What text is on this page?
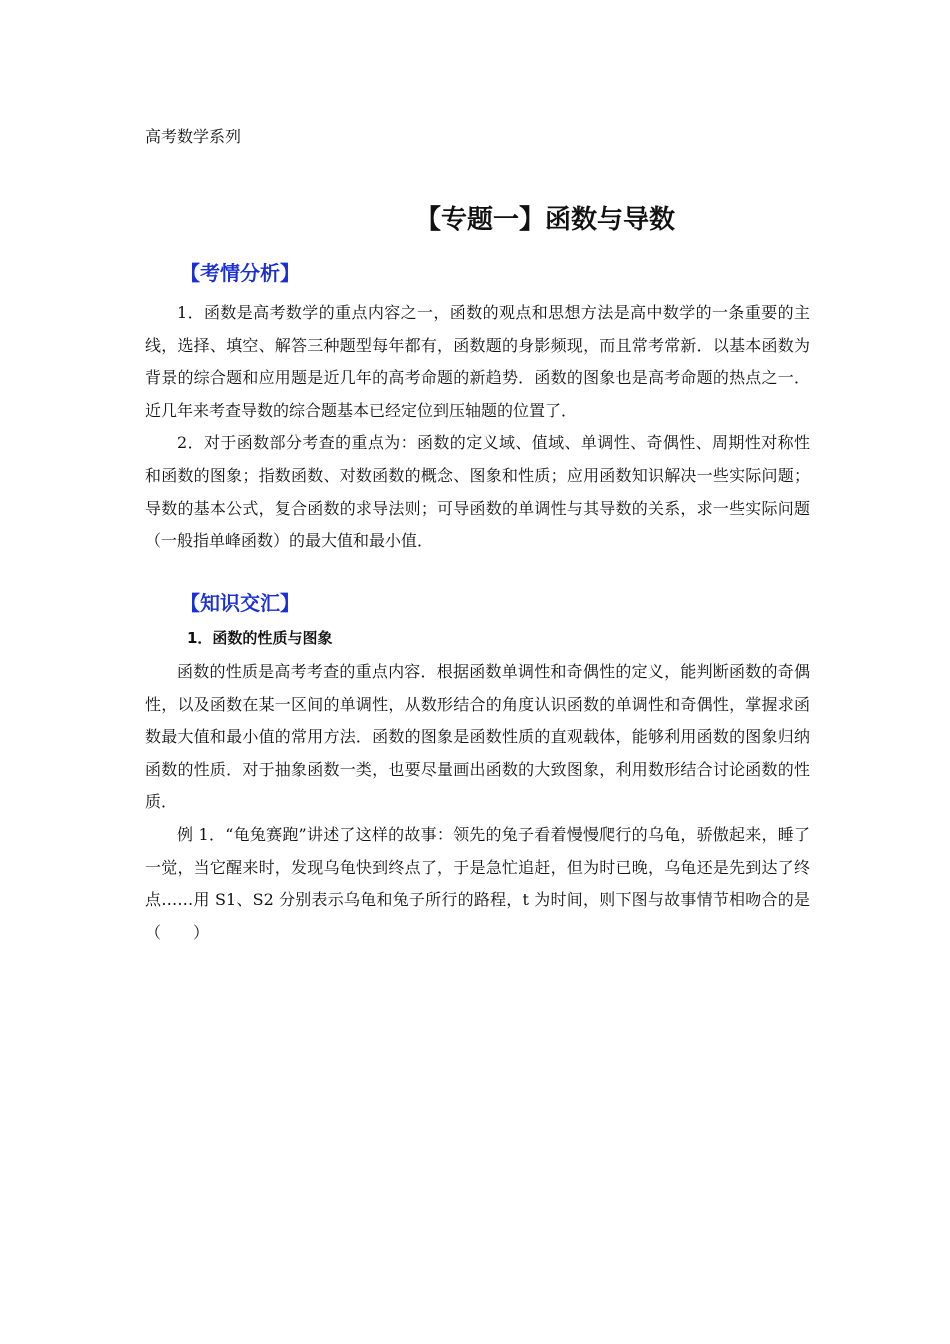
高考数学系列
【专题一】函数与导数
【考情分析】

1．函数是高考数学的重点内容之一，函数的观点和思想方法是高中数学的一条重要的主线，选择、填空、解答三种题型每年都有，函数题的身影频现，而且常考常新．以基本函数为背景的综合题和应用题是近几年的高考命题的新趋势．函数的图象也是高考命题的热点之一．近几年来考查导数的综合题基本已经定位到压轴题的位置了．

2．对于函数部分考查的重点为：函数的定义域、值域、单调性、奇偶性、周期性对称性和函数的图象；指数函数、对数函数的概念、图象和性质；应用函数知识解决一些实际问题；导数的基本公式，复合函数的求导法则；可导函数的单调性与其导数的关系，求一些实际问题（一般指单峰函数）的最大值和最小值．

【知识交汇】
1．函数的性质与图象

函数的性质是高考考查的重点内容．根据函数单调性和奇偶性的定义，能判断函数的奇偶性，以及函数在某一区间的单调性，从数形结合的角度认识函数的单调性和奇偶性，掌握求函数最大值和最小值的常用方法．函数的图象是函数性质的直观载体，能够利用函数的图象归纳函数的性质．对于抽象函数一类，也要尽量画出函数的大致图象，利用数形结合讨论函数的性质．

例 1．“龟兔赛跑”讲述了这样的故事：领先的兔子看着慢慢爬行的乌龟，骄傲起来，睡了一觉，当它醒来时，发现乌龟快到终点了，于是急忙追赶，但为时已晚，乌龟还是先到达了终点……用 S1、S2 分别表示乌龟和兔子所行的路程，t 为时间，则下图与故事情节相吻合的是（　　）
